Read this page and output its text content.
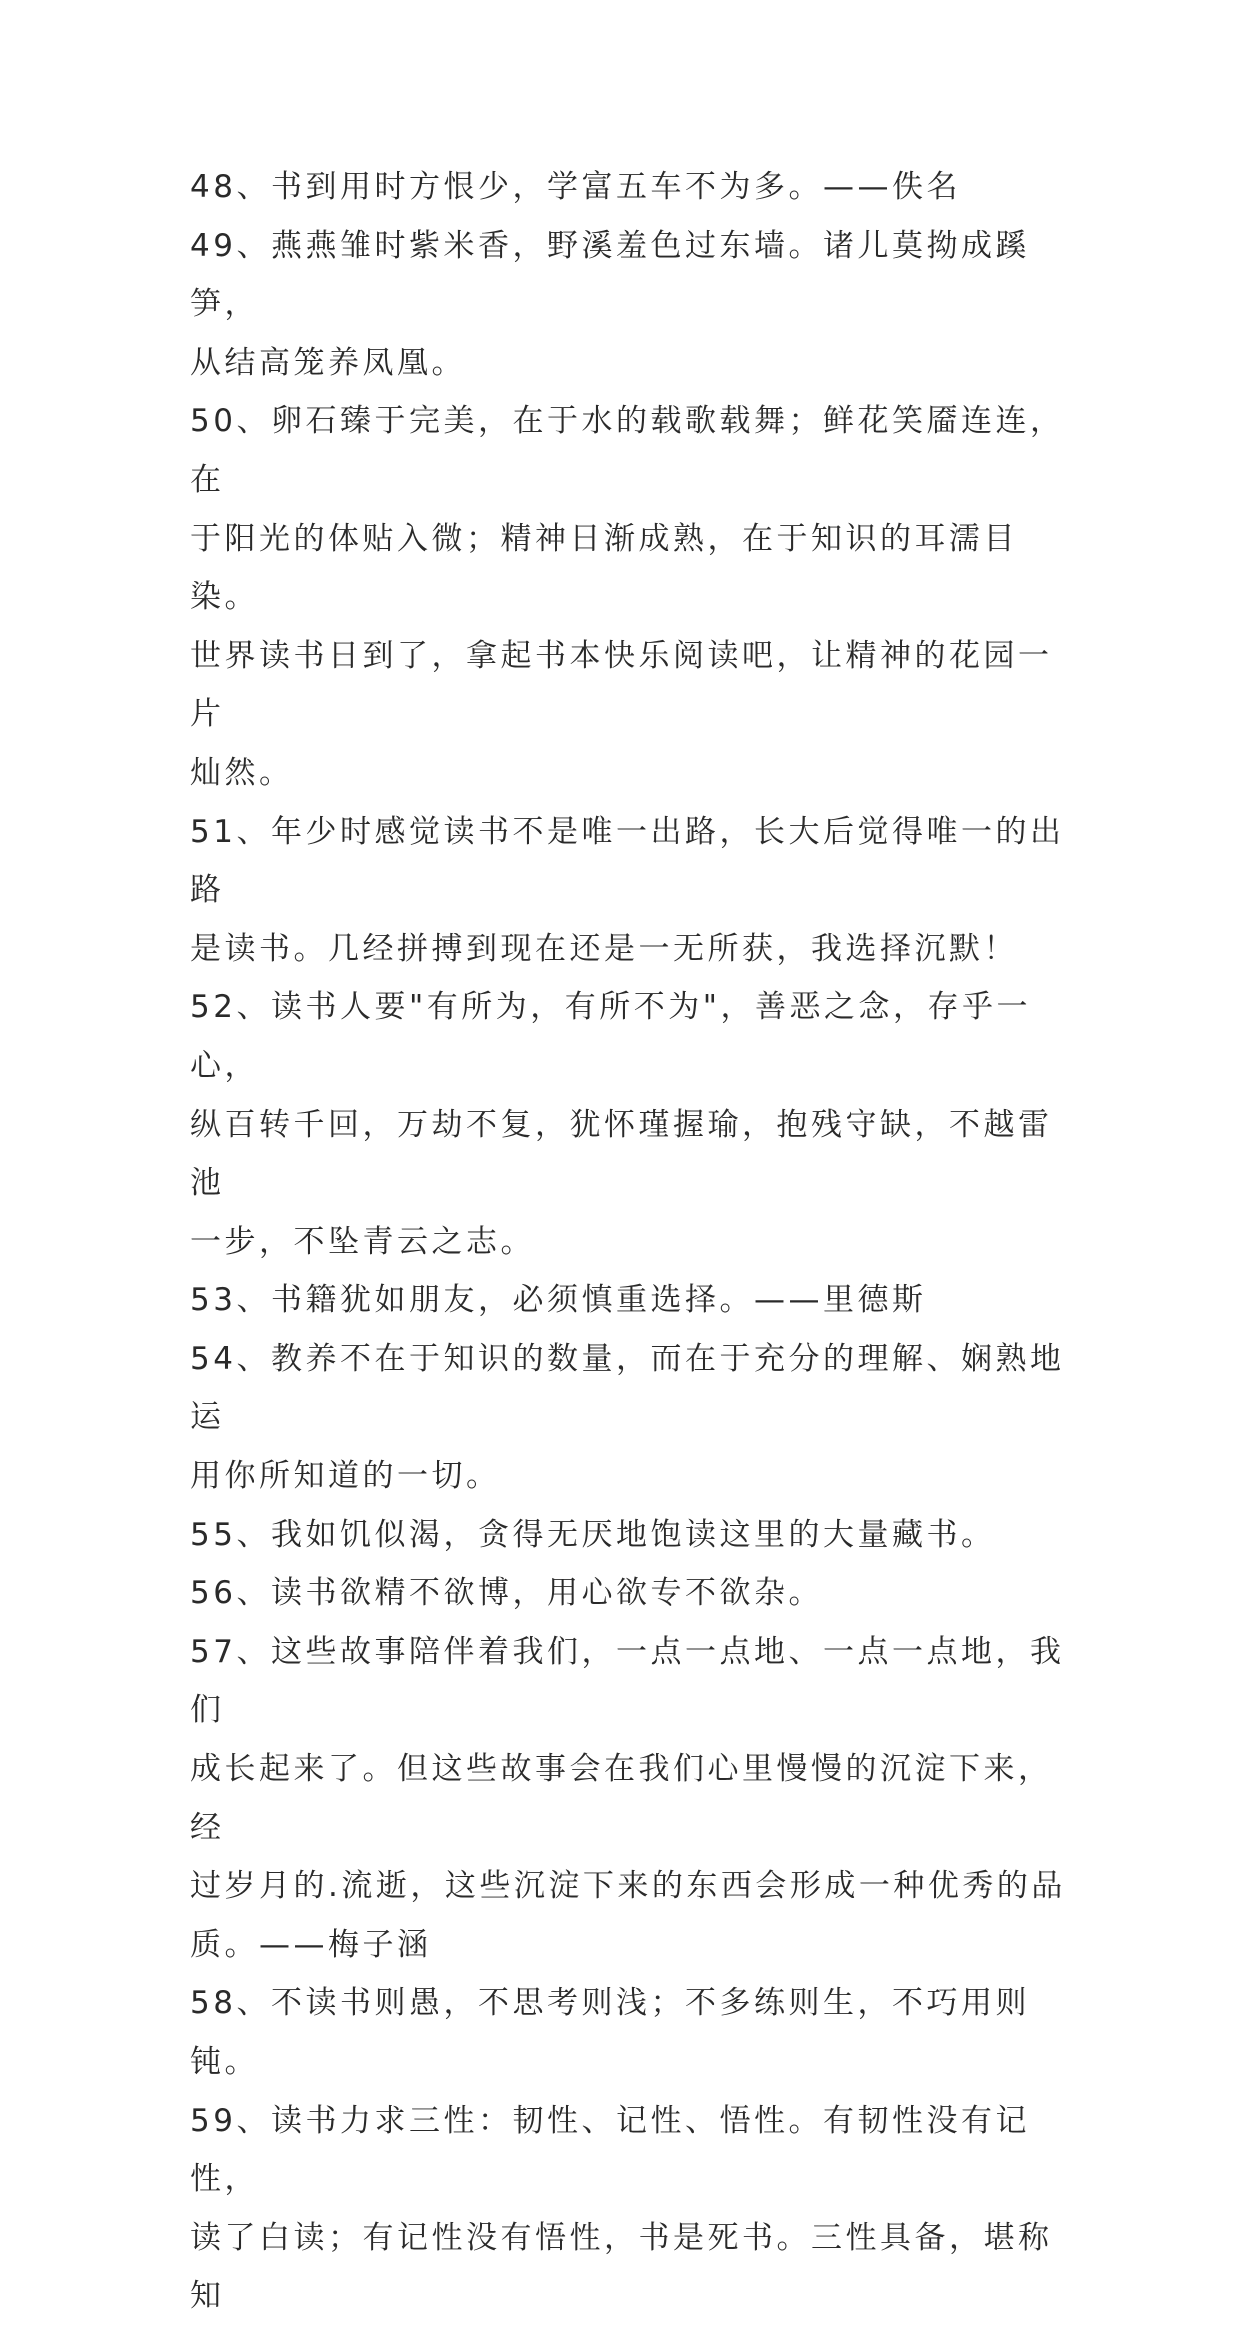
48、书到用时方恨少，学富五车不为多。——佚名

49、燕燕雏时紫米香，野溪羞色过东墙。诸儿莫拗成蹊笋，
从结高笼养凤凰。

50、卵石臻于完美，在于水的载歌载舞；鲜花笑靥连连，在
于阳光的体贴入微；精神日渐成熟，在于知识的耳濡目染。
世界读书日到了，拿起书本快乐阅读吧，让精神的花园一片
灿然。

51、年少时感觉读书不是唯一出路，长大后觉得唯一的出路
是读书。几经拼搏到现在还是一无所获，我选择沉默！

52、读书人要"有所为，有所不为"，善恶之念，存乎一心，
纵百转千回，万劫不复，犹怀瑾握瑜，抱残守缺，不越雷池
一步，不坠青云之志。

53、书籍犹如朋友，必须慎重选择。——里德斯

54、教养不在于知识的数量，而在于充分的理解、娴熟地运
用你所知道的一切。

55、我如饥似渴，贪得无厌地饱读这里的大量藏书。

56、读书欲精不欲博，用心欲专不欲杂。

57、这些故事陪伴着我们，一点一点地、一点一点地，我们
成长起来了。但这些故事会在我们心里慢慢的沉淀下来，经
过岁月的.流逝，这些沉淀下来的东西会形成一种优秀的品
质。——梅子涵

58、不读书则愚，不思考则浅；不多练则生，不巧用则钝。

59、读书力求三性：韧性、记性、悟性。有韧性没有记性，
读了白读；有记性没有悟性，书是死书。三性具备，堪称知
